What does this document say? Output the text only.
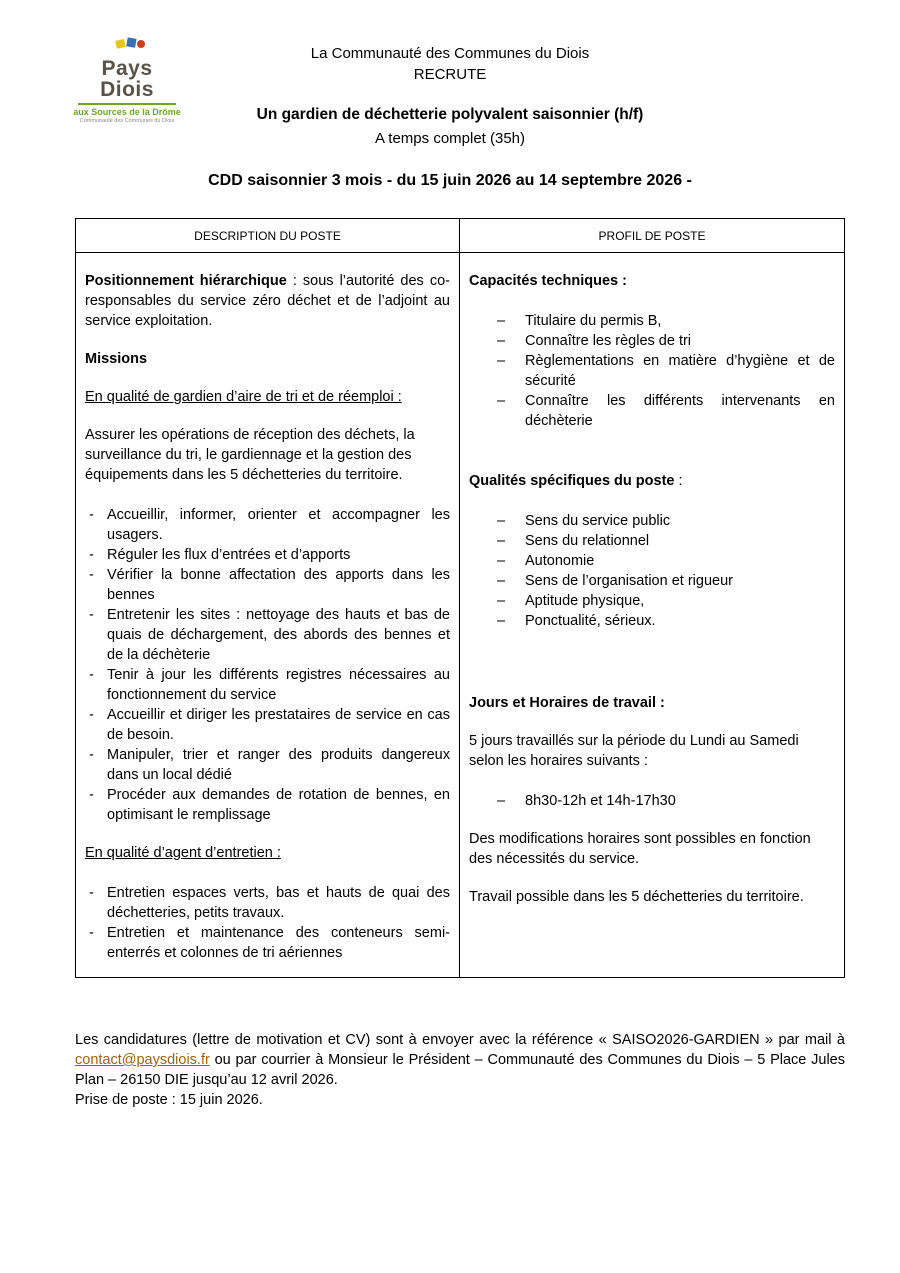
Pays
Diois
aux Sources de la Drôme
Communauté des Communes du Diois
La Communauté des Communes du Diois
RECRUTE
Un gardien de déchetterie polyvalent saisonnier (h/f)
A temps complet (35h)
CDD saisonnier 3 mois - du 15 juin 2026 au 14 septembre 2026 -
DESCRIPTION DU POSTE	PROFIL DE POSTE

Positionnement hiérarchique : sous l’autorité des co-responsables du service zéro déchet et de l’adjoint au service exploitation.

Missions

En qualité de gardien d’aire de tri et de réemploi :

Assurer les opérations de réception des déchets, la surveillance du tri, le gardiennage et la gestion des équipements dans les 5 déchetteries du territoire.

- Accueillir, informer, orienter et accompagner les usagers.
- Réguler les flux d’entrées et d’apports
- Vérifier la bonne affectation des apports dans les bennes
- Entretenir les sites : nettoyage des hauts et bas de quais de déchargement, des abords des bennes et de la déchèterie
- Tenir à jour les différents registres nécessaires au fonctionnement du service
- Accueillir et diriger les prestataires de service en cas de besoin.
- Manipuler, trier et ranger des produits dangereux dans un local dédié
- Procéder aux demandes de rotation de bennes, en optimisant le remplissage

En qualité d’agent d’entretien :

- Entretien espaces verts, bas et hauts de quai des déchetteries, petits travaux.
- Entretien et maintenance des conteneurs semi-enterrés et colonnes de tri aériennes

Capacités techniques :

– Titulaire du permis B,
– Connaître les règles de tri
– Règlementations en matière d’hygiène et de sécurité
– Connaître les différents intervenants en déchèterie

Qualités spécifiques du poste :

– Sens du service public
– Sens du relationnel
– Autonomie
– Sens de l’organisation et rigueur
– Aptitude physique,
– Ponctualité, sérieux.

Jours et Horaires de travail :

5 jours travaillés sur la période du Lundi au Samedi selon les horaires suivants :

– 8h30-12h et 14h-17h30

Des modifications horaires sont possibles en fonction des nécessités du service.

Travail possible dans les 5 déchetteries du territoire.

Les candidatures (lettre de motivation et CV) sont à envoyer avec la référence « SAISO2026-GARDIEN » par mail à contact@paysdiois.fr ou par courrier à Monsieur le Président – Communauté des Communes du Diois – 5 Place Jules Plan – 26150 DIE jusqu’au 12 avril 2026.

Prise de poste : 15 juin 2026.
